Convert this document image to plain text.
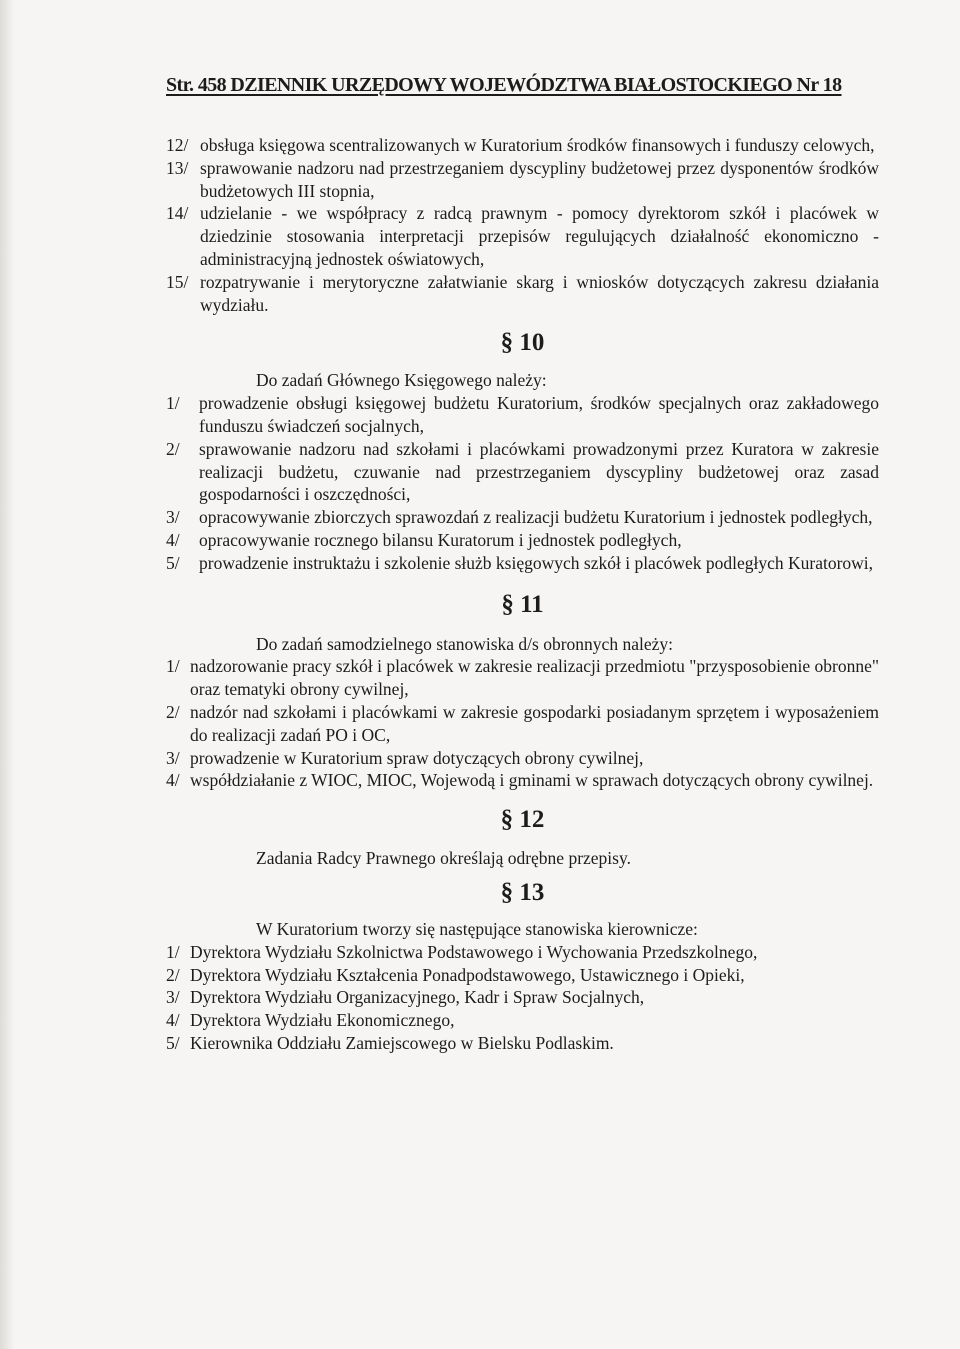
Str. 458 DZIENNIK URZĘDOWY WOJEWÓDZTWA BIAŁOSTOCKIEGO Nr 18
12/ obsługa księgowa scentralizowanych w Kuratorium środków finansowych i funduszy celowych,
13/ sprawowanie nadzoru nad przestrzeganiem dyscypliny budżetowej przez dysponentów środków budżetowych III stopnia,
14/ udzielanie - we współpracy z radcą prawnym - pomocy dyrektorom szkół i placówek w dziedzinie stosowania interpretacji przepisów regulujących działalność ekonomiczno - administracyjną jednostek oświatowych,
15/ rozpatrywanie i merytoryczne załatwianie skarg i wniosków dotyczących zakresu działania wydziału.
§ 10
Do zadań Głównego Księgowego należy:
1/	prowadzenie obsługi księgowej budżetu Kuratorium, środków specjalnych oraz zakładowego funduszu świadczeń socjalnych,
2/	sprawowanie nadzoru nad szkołami i placówkami prowadzonymi przez Kuratora w zakresie realizacji budżetu, czuwanie nad przestrzeganiem dyscypliny budżetowej oraz zasad gospodarności i oszczędności,
3/	opracowywanie zbiorczych sprawozdań z realizacji budżetu Kuratorium i jednostek podległych,
4/	opracowywanie rocznego bilansu Kuratorum i jednostek podległych,
5/	prowadzenie instruktażu i szkolenie służb księgowych szkół i placówek podległych Kuratorowi,
§ 11
Do zadań samodzielnego stanowiska d/s obronnych należy:
1/ nadzorowanie pracy szkół i placówek w zakresie realizacji przedmiotu "przysposobienie obronne" oraz tematyki obrony cywilnej,
2/ nadzór nad szkołami i placówkami w zakresie gospodarki posiadanym sprzętem i wyposażeniem do realizacji zadań PO i OC,
3/ prowadzenie w Kuratorium spraw dotyczących obrony cywilnej,
4/ współdziałanie z WIOC, MIOC, Wojewodą i gminami w sprawach dotyczących obrony cywilnej.
§ 12
Zadania Radcy Prawnego określają odrębne przepisy.
§ 13
W Kuratorium tworzy się następujące stanowiska kierownicze:
1/ Dyrektora Wydziału Szkolnictwa Podstawowego i Wychowania Przedszkolnego,
2/ Dyrektora Wydziału Kształcenia Ponadpodstawowego, Ustawicznego i Opieki,
3/ Dyrektora Wydziału Organizacyjnego, Kadr i Spraw Socjalnych,
4/ Dyrektora Wydziału Ekonomicznego,
5/ Kierownika Oddziału Zamiejscowego w Bielsku Podlaskim.
